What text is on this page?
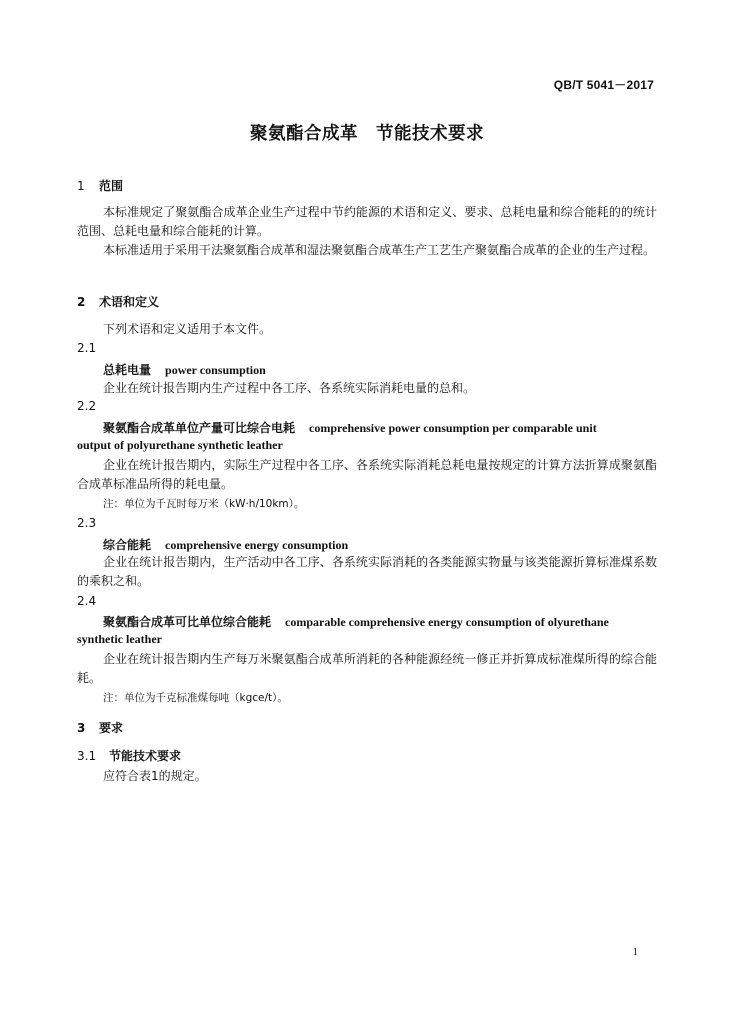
QB/T 5041－2017
聚氨酯合成革 节能技术要求
1 范围
本标准规定了聚氨酯合成革企业生产过程中节约能源的术语和定义、要求、总耗电量和综合能耗的的统计范围、总耗电量和综合能耗的计算。
本标准适用于采用干法聚氨酯合成革和湿法聚氨酯合成革生产工艺生产聚氨酯合成革的企业的生产过程。
2 术语和定义
下列术语和定义适用于本文件。
2.1
总耗电量 power consumption
企业在统计报告期内生产过程中各工序、各系统实际消耗电量的总和。
2.2
聚氨酯合成革单位产量可比综合电耗 comprehensive power consumption per comparable unit
output of polyurethane synthetic leather
企业在统计报告期内，实际生产过程中各工序、各系统实际消耗总耗电量按规定的计算方法折算成聚氨酯合成革标准品所得的耗电量。
注：单位为千瓦时每万米（kW·h/10km）。
2.3
综合能耗 comprehensive energy consumption
企业在统计报告期内，生产活动中各工序、各系统实际消耗的各类能源实物量与该类能源折算标准煤系数的乘积之和。
2.4
聚氨酯合成革可比单位综合能耗 comparable comprehensive energy consumption of olyurethane
synthetic leather
企业在统计报告期内生产每万米聚氨酯合成革所消耗的各种能源经统一修正并折算成标准煤所得的综合能耗。
注：单位为千克标准煤每吨（kgce/t）。
3 要求
3.1 节能技术要求
应符合表1的规定。
1
